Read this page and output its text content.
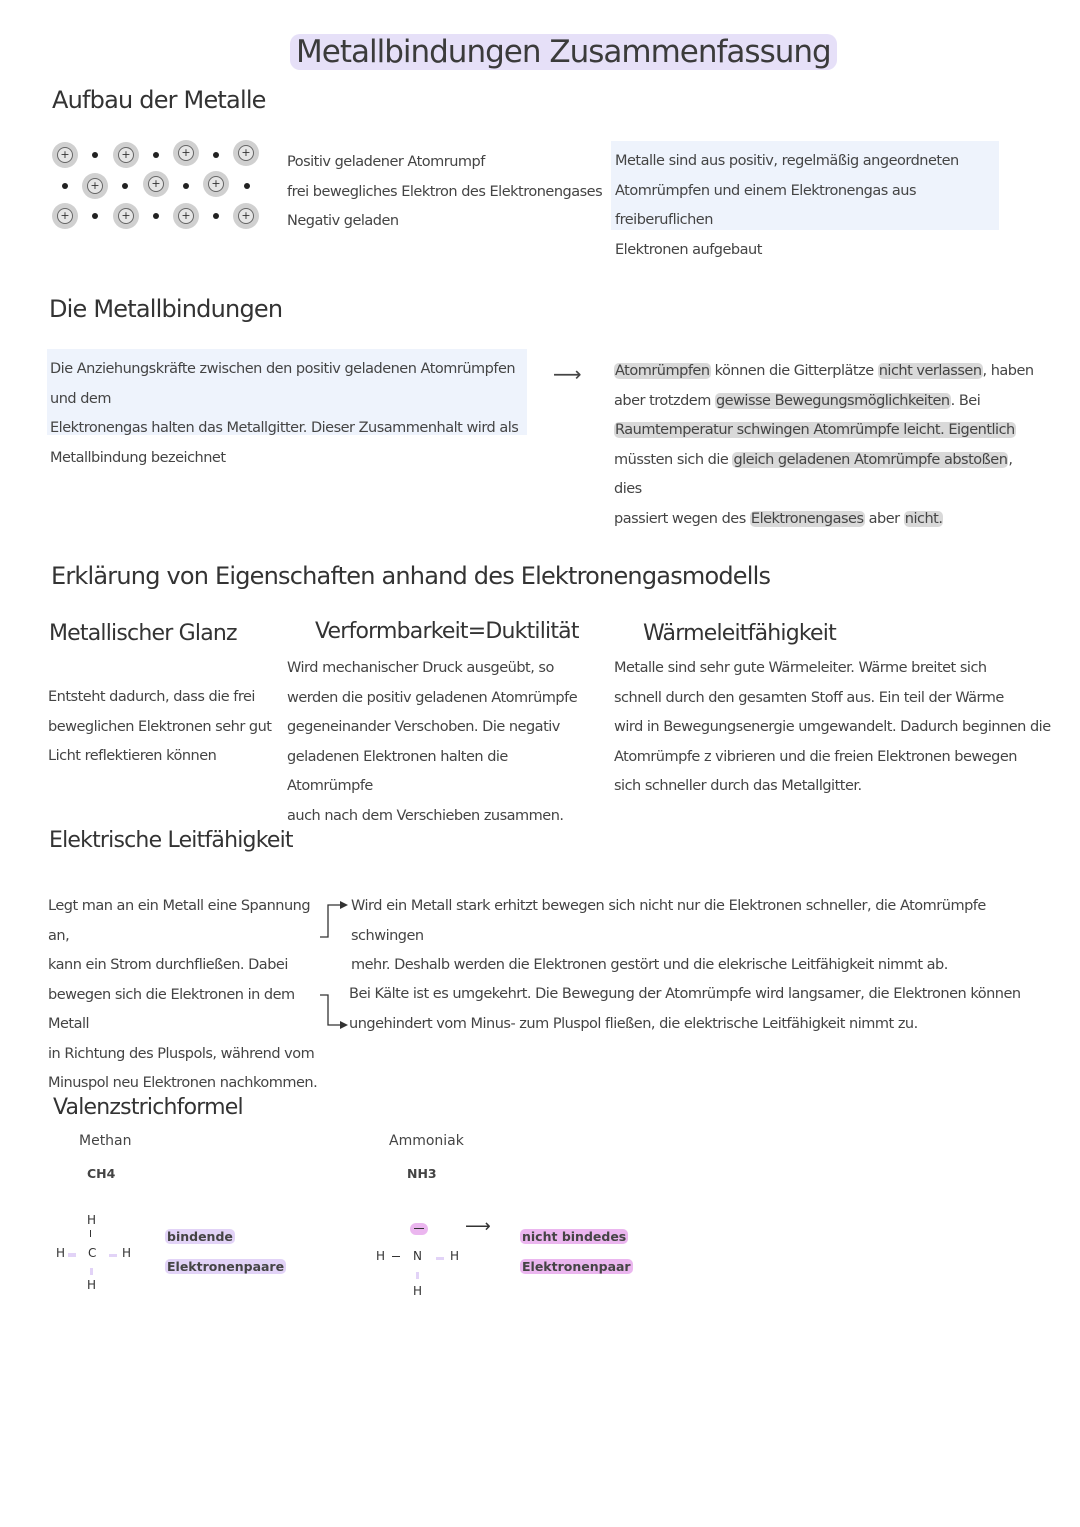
Metallbindungen Zusammenfassung
Aufbau der Metalle
+	+	+	+
+	+	+
+	+	+	+
Positiv geladener Atomrumpf
frei bewegliches Elektron des Elektronengases
Negativ geladen
Metalle sind aus positiv, regelmäßig angeordneten
Atomrümpfen und einem Elektronengas aus freiberuflichen
Elektronen aufgebaut
Die Metallbindungen
Die Anziehungskräfte zwischen den positiv geladenen Atomrümpfen und dem
Elektronengas halten das Metallgitter. Dieser Zusammenhalt wird als
Metallbindung bezeichnet
⟶ Atomrümpfen können die Gitterplätze nicht verlassen, haben
aber trotzdem gewisse Bewegungsmöglichkeiten. Bei
Raumtemperatur schwingen Atomrümpfe leicht. Eigentlich
müssten sich die gleich geladenen Atomrümpfe abstoßen, dies
passiert wegen des Elektronengases aber nicht.
Erklärung von Eigenschaften anhand des Elektronengasmodells
Metallischer Glanz
Entsteht dadurch, dass die frei
beweglichen Elektronen sehr gut
Licht reflektieren können
Verformbarkeit=Duktilität
Wird mechanischer Druck ausgeübt, so
werden die positiv geladenen Atomrümpfe
gegeneinander Verschoben. Die negativ
geladenen Elektronen halten die Atomrümpfe
auch nach dem Verschieben zusammen.
Wärmeleitfähigkeit
Metalle sind sehr gute Wärmeleiter. Wärme breitet sich
schnell durch den gesamten Stoff aus. Ein teil der Wärme
wird in Bewegungsenergie umgewandelt. Dadurch beginnen die
Atomrümpfe z vibrieren und die freien Elektronen bewegen
sich schneller durch das Metallgitter.
Elektrische Leitfähigkeit
Legt man an ein Metall eine Spannung an,
kann ein Strom durchfließen. Dabei
bewegen sich die Elektronen in dem Metall
in Richtung des Pluspols, während vom
Minuspol neu Elektronen nachkommen.
Wird ein Metall stark erhitzt bewegen sich nicht nur die Elektronen schneller, die Atomrümpfe schwingen
mehr. Deshalb werden die Elektronen gestört und die elekrische Leitfähigkeit nimmt ab.
Bei Kälte ist es umgekehrt. Die Bewegung der Atomrümpfe wird langsamer, die Elektronen können
ungehindert vom Minus- zum Pluspol fließen, die elektrische Leitfähigkeit nimmt zu.
Valenzstrichformel
Methan
CH4
H
H C H
H
bindende
Elektronenpaare
Ammoniak
NH3
H N H
H
⟶ nicht bindedes
Elektronenpaar
